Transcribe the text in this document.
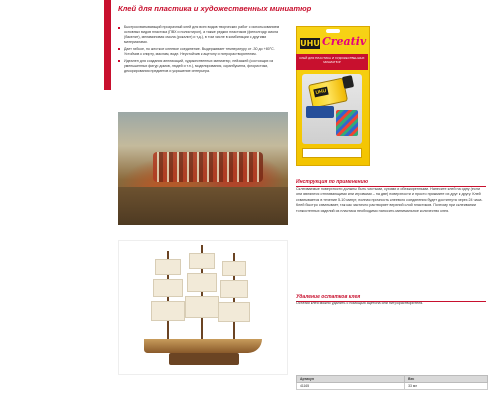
Клей для пластика и художественных миниатюр
Быстросхватывающий прозрачный клей для всех видов творческих работ с использованием основных видов пластика (ПВХ и полистирол), а также редких пластиков (фенолгидр смола (бакелит), меламиновая смола (рокалит) и т.д.), в том числе в комбинации с другими материалами.
Дает гибкое, но жесткое клеевое соединение. Выдерживает температуру от -30 до +80°С. Устойчив к спирту, маслам, воде. Неустойчив к ацетону и нитрорастворителям.
Идеален для создания аппликаций, художественных миниатюр, пейзажей (состоящих из уменьшенных фигур домов, людей и т.п.), моделирования, скрапбукинга, флористики, декорирования предметов и украшение интерьера.
UHU Creativ
КЛЕЙ ДЛЯ ПЛАСТИКА И ХУДОЖЕСТВЕННЫХ МИНИАТЮР
UHU
Инструкция по применению
Склеиваемые поверхности должны быть чистыми, сухими и обезжиренными. Нанесите клей на одну (если они являются отпливающими или игровыми – на две) поверхности и просто прижмите их друг к другу. Клей схватывается в течение 5-10 минут, полная прочность клеевого соединения будет достигнута через 24 часа. Клей быстро схватывает, так как частично растворяет верхний слой пластиков. Поэтому при склеивании тонкостенных изделий из пластика необходимо наносить минимальное количество клея.
Удаление остатков клея
Остатки клея можно удалить с помощью ацетона или нитрорастворителя.
Артикул	Вес
41165	33 мл
